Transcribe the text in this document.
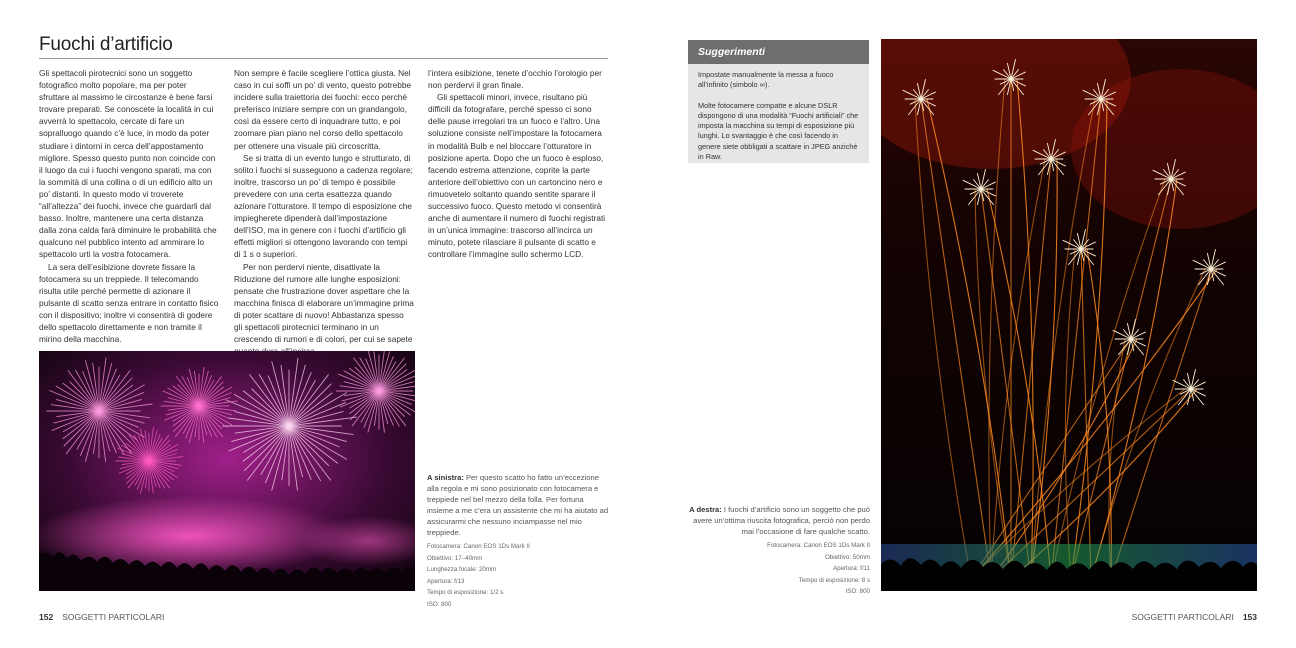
Fuochi d’artificio

Gli spettacoli pirotecnici sono un soggetto fotografico molto popolare, ma per poter sfruttare al massimo le circostanze è bene farsi trovare preparati. Se conoscete la località in cui avverrà lo spettacolo, cercate di fare un sopralluogo quando c’è luce, in modo da poter studiare i dintorni in cerca dell’appostamento migliore. Spesso questo punto non coincide con il luogo da cui i fuochi vengono sparati, ma con la sommità di una collina o di un edificio alto un po’ distanti. In questo modo vi troverete “all’altezza” dei fuochi, invece che guardarli dal basso. Inoltre, mantenere una certa distanza dalla zona calda farà diminuire le probabilità che qualcuno nel pubblico intento ad ammirare lo spettacolo urti la vostra fotocamera.

La sera dell’esibizione dovrete fissare la fotocamera su un treppiede. Il telecomando risulta utile perché permette di azionare il pulsante di scatto senza entrare in contatto fisico con il dispositivo; inoltre vi consentirà di godere dello spettacolo direttamente e non tramite il mirino della macchina.

Non sempre è facile scegliere l’ottica giusta. Nel caso in cui soffi un po’ di vento, questo potrebbe incidere sulla traiettoria dei fuochi: ecco perché preferisco iniziare sempre con un grandangolo, così da essere certo di inquadrare tutto, e poi zoomare pian piano nel corso dello spettacolo per ottenere una visuale più circoscritta.

Se si tratta di un evento lungo e strutturato, di solito i fuochi si susseguono a cadenza regolare; inoltre, trascorso un po’ di tempo è possibile prevedere con una certa esattezza quando azionare l’otturatore. Il tempo di esposizione che impiegherete dipenderà dall’impostazione dell’ISO, ma in genere con i fuochi d’artificio gli effetti migliori si ottengono lavorando con tempi di 1 s o superiori.

Per non perdervi niente, disattivate la Riduzione del rumore alle lunghe esposizioni: pensate che frustrazione dover aspettare che la macchina finisca di elaborare un’immagine prima di poter scattare di nuovo! Abbastanza spesso gli spettacoli pirotecnici terminano in un crescendo di rumori e di colori, per cui se sapete

l’intera esibizione, tenete d’occhio l’orologio per non perdervi il gran finale.

Gli spettacoli minori, invece, risultano più difficili da fotografare, perché spesso ci sono delle pause irregolari tra un fuoco e l’altro. Una soluzione consiste nell’impostare la fotocamera in modalità Bulb e nel bloccare l’otturatore in posizione aperta. Dopo che un fuoco è esploso, facendo estrema attenzione, coprite la parte anteriore dell’obiettivo con un cartoncino nero e rimuovetelo soltanto quando sentite sparare il successivo fuoco. Questo metodo vi consentirà anche di aumentare il numero di fuochi registrati in un’unica immagine: trascorso all’incirca un minuto, potete rilasciare il pulsante di scatto e controllare l’immagine sullo schermo LCD.

A sinistra: Per questo scatto ho fatto un’eccezione alla regola e mi sono posizionato con fotocamera e treppiede nel bel mezzo della folla. Per fortuna insieme a me c’era un assistente che mi ha aiutato ad assicurarmi che nessuno inciampasse nel mio treppiede.
Fotocamera: Canon EOS 1Ds Mark II
Obiettivo: 17–40mm
Lunghezza focale: 20mm
Apertura: f/13
Tempo di esposizione: 1/2 s
ISO: 800
152 SOGGETTI PARTICOLARI
Suggerimenti

Impostate manualmente la messa a fuoco all’infinito (simbolo ∞).

Molte fotocamere compatte e alcune DSLR dispongono di una modalità “Fuochi artificiali” che imposta la macchina su tempi di esposizione più lunghi. Lo svantaggio è che così facendo in genere siete obbligati a scattare in JPEG anziché in Raw.

A destra: I fuochi d’artificio sono un soggetto che può avere un’ottima riuscita fotografica, perciò non perdo mai l’occasione di fare qualche scatto.
Fotocamera: Canon EOS 1Ds Mark II
Obiettivo: 50mm
Apertura: f/11
Tempo di esposizione: 8 s
ISO: 800
SOGGETTI PARTICOLARI 153
